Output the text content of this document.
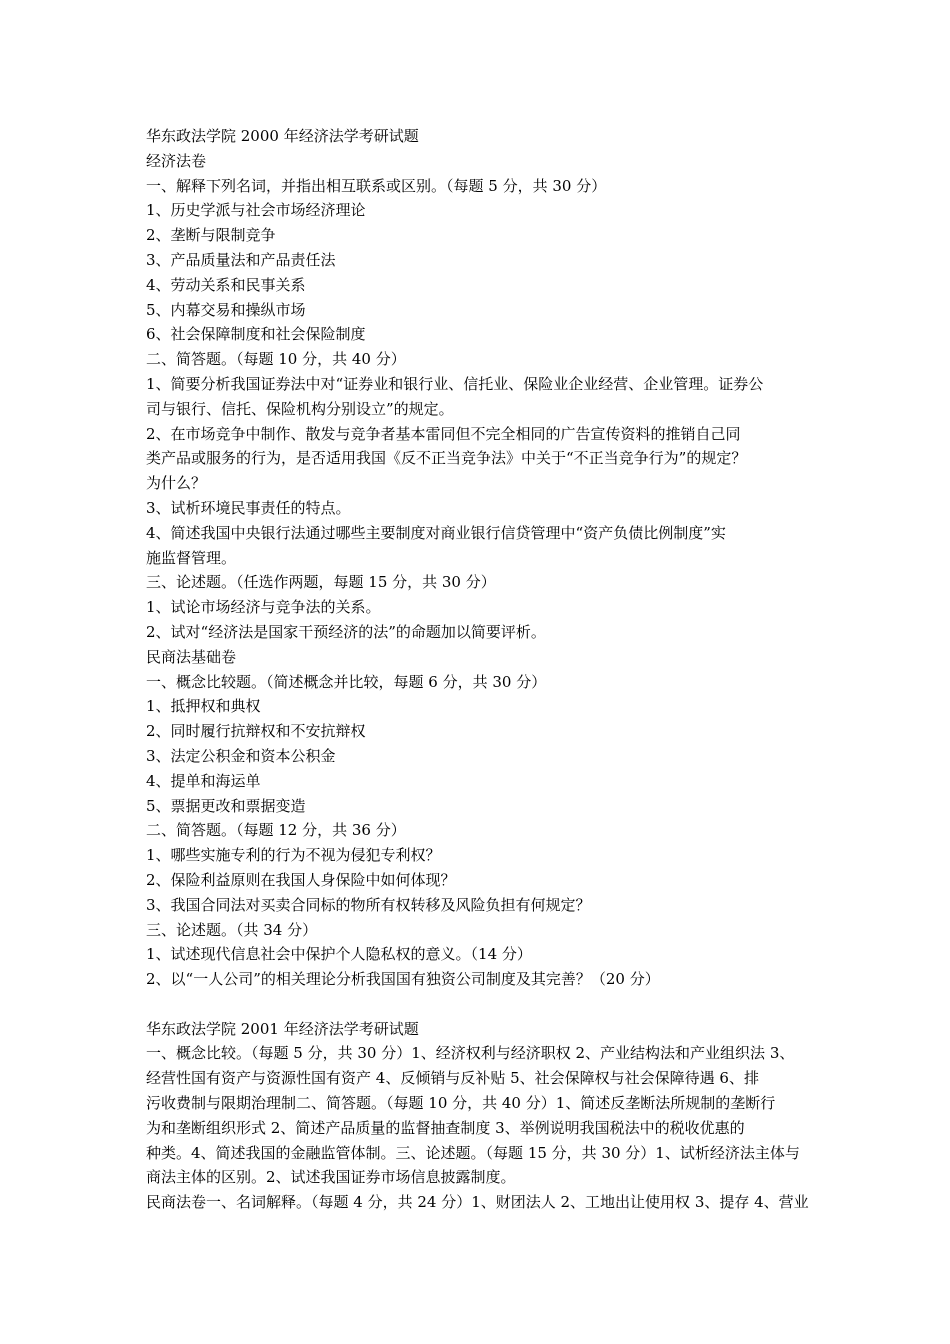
华东政法学院 2000 年经济法学考研试题
经济法卷
一、解释下列名词，并指出相互联系或区别。（每题 5 分，共 30 分）
1、历史学派与社会市场经济理论
2、垄断与限制竞争
3、产品质量法和产品责任法
4、劳动关系和民事关系
5、内幕交易和操纵市场
6、社会保障制度和社会保险制度
二、简答题。（每题 10 分，共 40 分）
1、简要分析我国证券法中对“证券业和银行业、信托业、保险业企业经营、企业管理。证券公
司与银行、信托、保险机构分别设立”的规定。
2、在市场竞争中制作、散发与竞争者基本雷同但不完全相同的广告宣传资料的推销自己同
类产品或服务的行为，是否适用我国《反不正当竞争法》中关于“不正当竞争行为”的规定？
为什么？
3、试析环境民事责任的特点。
4、简述我国中央银行法通过哪些主要制度对商业银行信贷管理中“资产负债比例制度”实
施监督管理。
三、论述题。（任选作两题，每题 15 分，共 30 分）
1、试论市场经济与竞争法的关系。
2、试对“经济法是国家干预经济的法”的命题加以简要评析。
民商法基础卷
一、概念比较题。（简述概念并比较，每题 6 分，共 30 分）
1、抵押权和典权
2、同时履行抗辩权和不安抗辩权
3、法定公积金和资本公积金
4、提单和海运单
5、票据更改和票据变造
二、简答题。（每题 12 分，共 36 分）
1、哪些实施专利的行为不视为侵犯专利权？
2、保险利益原则在我国人身保险中如何体现？
3、我国合同法对买卖合同标的物所有权转移及风险负担有何规定？
三、论述题。（共 34 分）
1、试述现代信息社会中保护个人隐私权的意义。（14 分）
2、以“一人公司”的相关理论分析我国国有独资公司制度及其完善？（20 分）
华东政法学院 2001 年经济法学考研试题
一、概念比较。（每题 5 分，共 30 分）1、经济权利与经济职权 2、产业结构法和产业组织法 3、
经营性国有资产与资源性国有资产 4、反倾销与反补贴 5、社会保障权与社会保障待遇 6、排
污收费制与限期治理制二、简答题。（每题 10 分，共 40 分）1、简述反垄断法所规制的垄断行
为和垄断组织形式 2、简述产品质量的监督抽查制度 3、举例说明我国税法中的税收优惠的
种类。4、简述我国的金融监管体制。三、论述题。（每题 15 分，共 30 分）1、试析经济法主体与
商法主体的区别。2、试述我国证券市场信息披露制度。
民商法卷一、名词解释。（每题 4 分，共 24 分）1、财团法人 2、工地出让使用权 3、提存 4、营业
